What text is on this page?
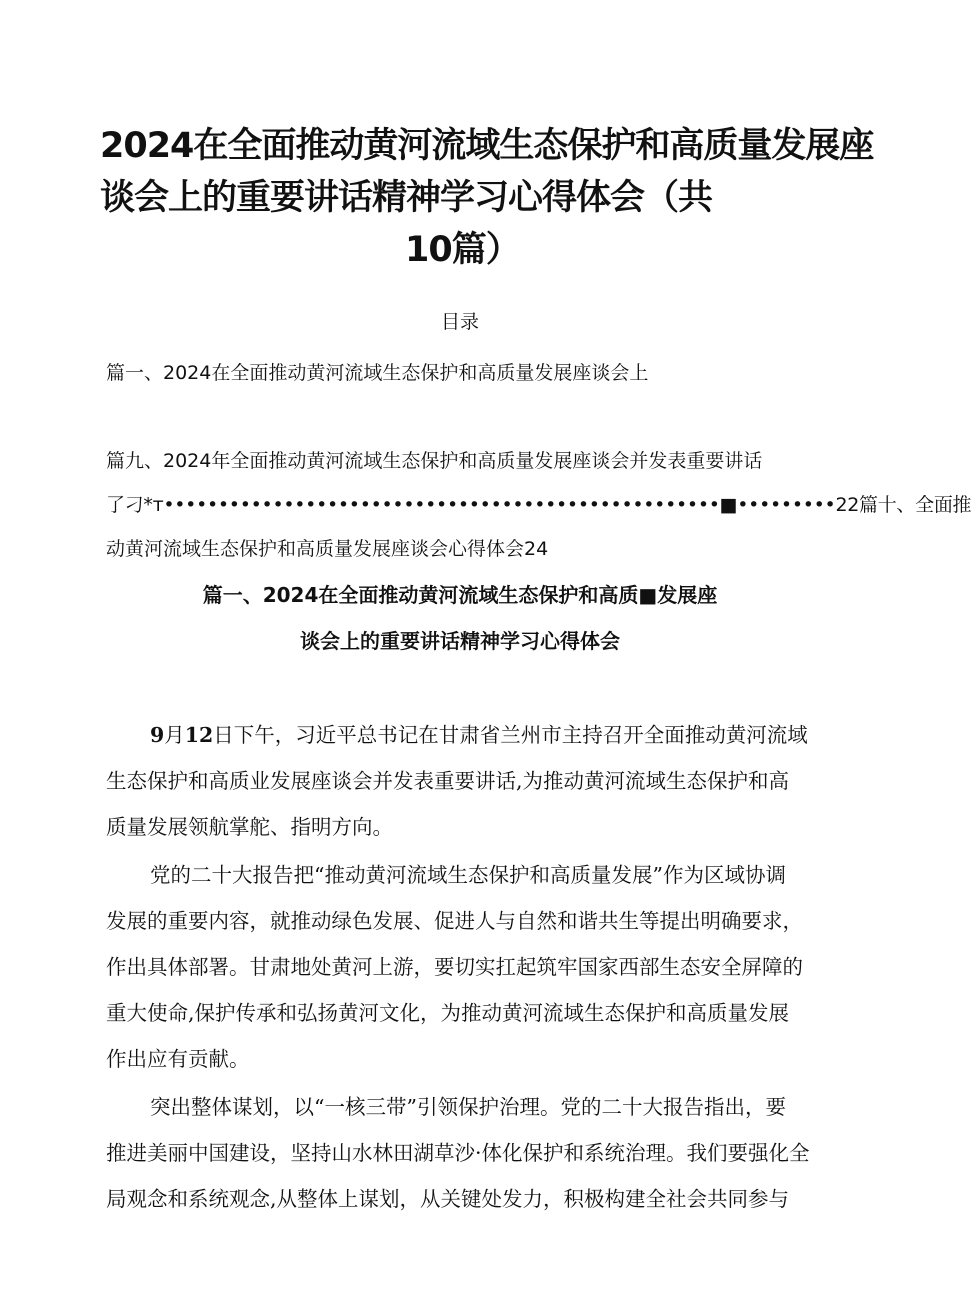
2024在全面推动黄河流域生态保护和高质量发展座
谈会上的重要讲话精神学习心得体会（共
10篇）
目录
篇一、2024在全面推动黄河流域生态保护和高质量发展座谈会上
篇九、2024年全面推动黄河流域生态保护和高质量发展座谈会并发表重要讲话
了刁*т•••••••••••••••••••••••••••••••••••••••••••••••••••■•••••••••22篇十、全面推
动黄河流域生态保护和高质量发展座谈会心得体会24
篇一、2024在全面推动黄河流域生态保护和高质■发展座
谈会上的重要讲话精神学习心得体会
9月12日下午，习近平总书记在甘肃省兰州市主持召开全面推动黄河流域
生态保护和高质业发展座谈会并发表重要讲话,为推动黄河流域生态保护和高
质量发展领航掌舵、指明方向。
党的二十大报告把“推动黄河流域生态保护和高质量发展”作为区域协调
发展的重要内容，就推动绿色发展、促进人与自然和谐共生等提出明确要求，
作出具体部署。甘肃地处黄河上游，要切实扛起筑牢国家西部生态安全屏障的
重大使命,保护传承和弘扬黄河文化，为推动黄河流域生态保护和高质量发展
作出应有贡献。
突出整体谋划，以“一核三带”引领保护治理。党的二十大报告指出，要
推进美丽中国建设，坚持山水林田湖草沙·体化保护和系统治理。我们要强化全
局观念和系统观念,从整体上谋划，从关键处发力，积极构建全社会共同参与
